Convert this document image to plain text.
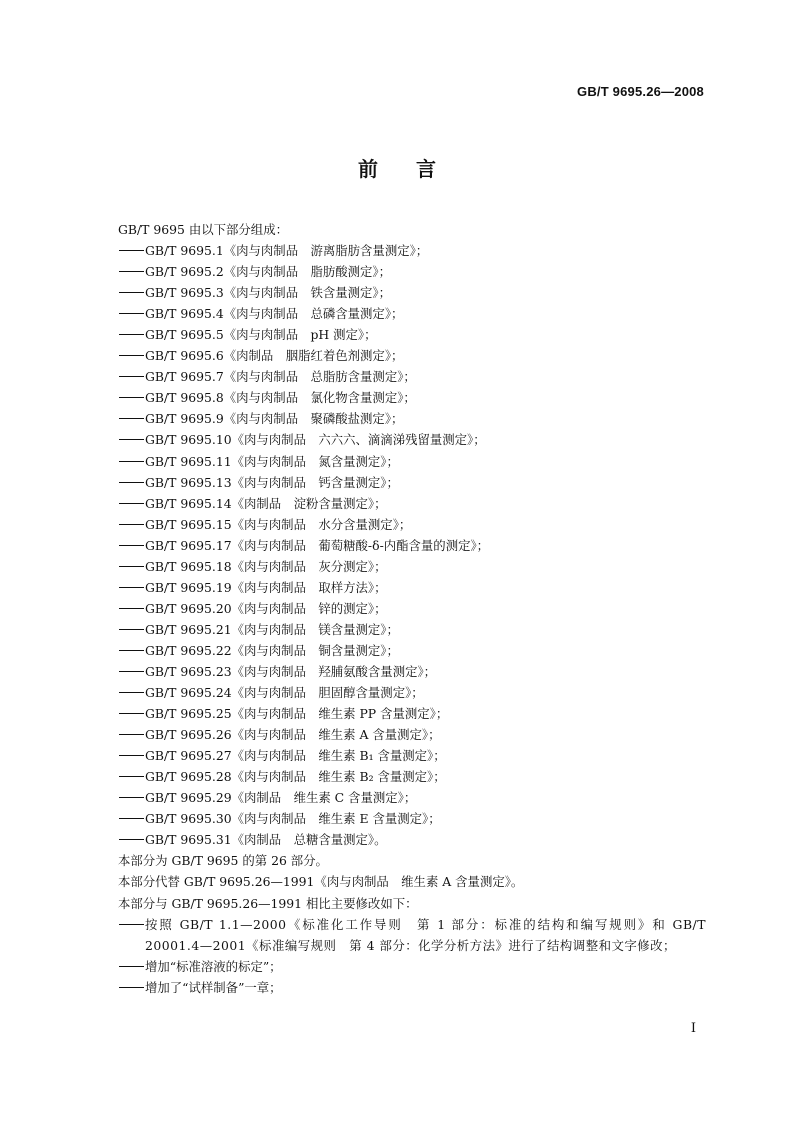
GB/T 9695.26—2008
前言
GB/T 9695 由以下部分组成：
GB/T 9695.1《肉与肉制品　游离脂肪含量测定》；
GB/T 9695.2《肉与肉制品　脂肪酸测定》；
GB/T 9695.3《肉与肉制品　铁含量测定》；
GB/T 9695.4《肉与肉制品　总磷含量测定》；
GB/T 9695.5《肉与肉制品　pH 测定》；
GB/T 9695.6《肉制品　胭脂红着色剂测定》；
GB/T 9695.7《肉与肉制品　总脂肪含量测定》；
GB/T 9695.8《肉与肉制品　氯化物含量测定》；
GB/T 9695.9《肉与肉制品　聚磷酸盐测定》；
GB/T 9695.10《肉与肉制品　六六六、滴滴涕残留量测定》；
GB/T 9695.11《肉与肉制品　氮含量测定》；
GB/T 9695.13《肉与肉制品　钙含量测定》；
GB/T 9695.14《肉制品　淀粉含量测定》；
GB/T 9695.15《肉与肉制品　水分含量测定》；
GB/T 9695.17《肉与肉制品　葡萄糖酸-δ-内酯含量的测定》；
GB/T 9695.18《肉与肉制品　灰分测定》；
GB/T 9695.19《肉与肉制品　取样方法》；
GB/T 9695.20《肉与肉制品　锌的测定》；
GB/T 9695.21《肉与肉制品　镁含量测定》；
GB/T 9695.22《肉与肉制品　铜含量测定》；
GB/T 9695.23《肉与肉制品　羟脯氨酸含量测定》；
GB/T 9695.24《肉与肉制品　胆固醇含量测定》；
GB/T 9695.25《肉与肉制品　维生素 PP 含量测定》；
GB/T 9695.26《肉与肉制品　维生素 A 含量测定》；
GB/T 9695.27《肉与肉制品　维生素 B₁ 含量测定》；
GB/T 9695.28《肉与肉制品　维生素 B₂ 含量测定》；
GB/T 9695.29《肉制品　维生素 C 含量测定》；
GB/T 9695.30《肉与肉制品　维生素 E 含量测定》；
GB/T 9695.31《肉制品　总糖含量测定》。
本部分为 GB/T 9695 的第 26 部分。
本部分代替 GB/T 9695.26—1991《肉与肉制品　维生素 A 含量测定》。
本部分与 GB/T 9695.26—1991 相比主要修改如下：
按照 GB/T 1.1—2000《标准化工作导则　第 1 部分：标准的结构和编写规则》和 GB/T 20001.4—2001《标准编写规则　第 4 部分：化学分析方法》进行了结构调整和文字修改；
增加“标准溶液的标定”；
增加了“试样制备”一章；
I
